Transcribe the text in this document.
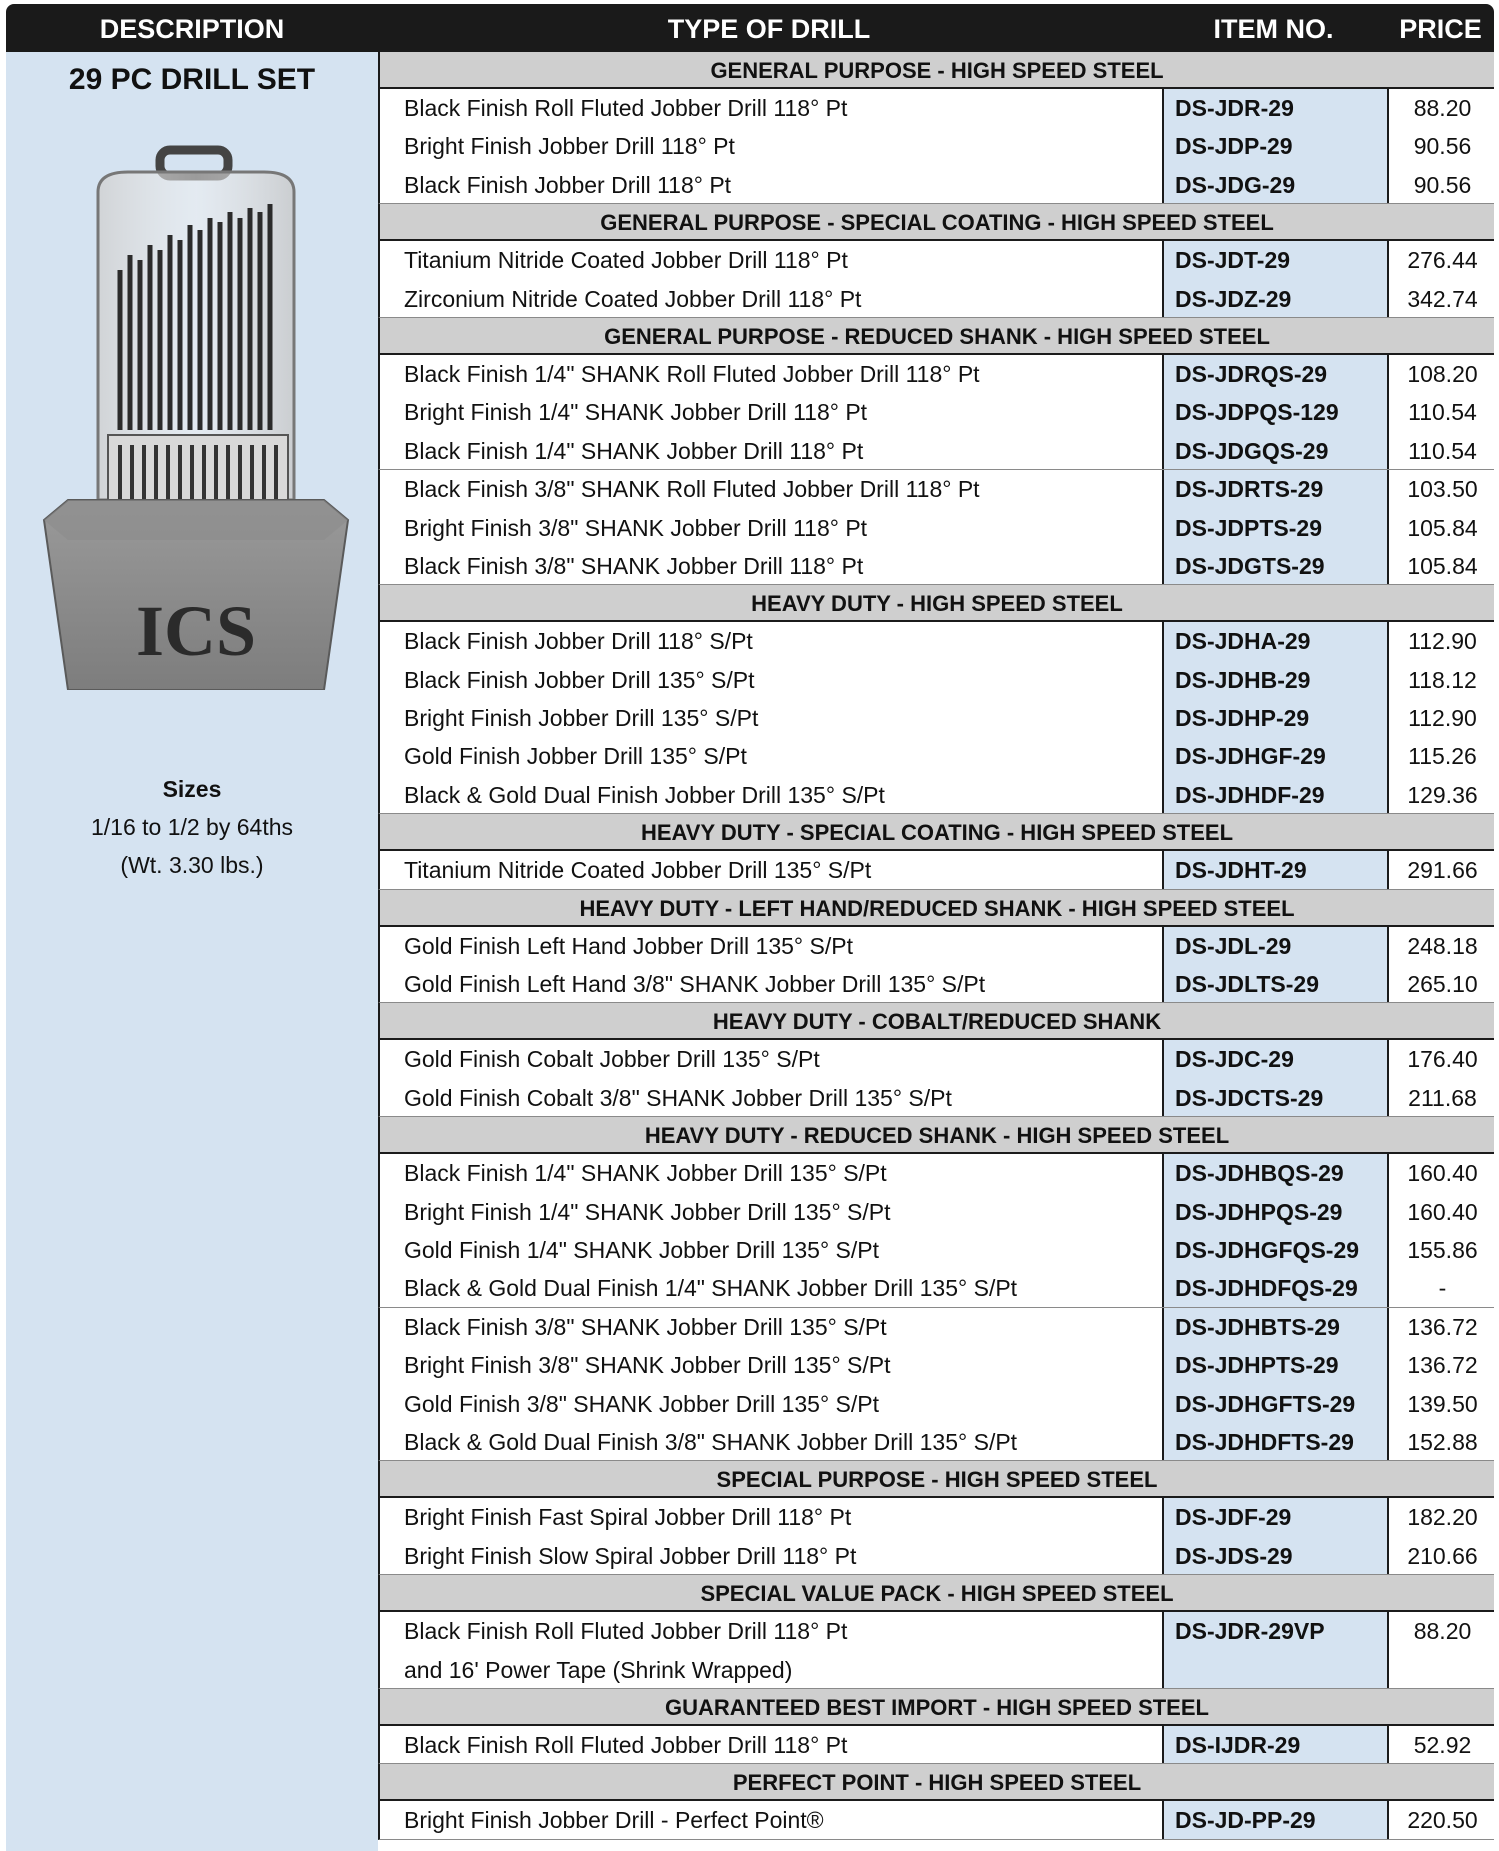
DESCRIPTION	TYPE OF DRILL	ITEM NO.	PRICE
29 PC DRILL SET
ICS
Sizes
1/16 to 1/2 by 64ths
(Wt. 3.30 lbs.)
GENERAL PURPOSE - HIGH SPEED STEEL
Black Finish Roll Fluted Jobber Drill 118° Pt	DS-JDR-29	88.20
Bright Finish Jobber Drill 118° Pt	DS-JDP-29	90.56
Black Finish Jobber Drill 118° Pt	DS-JDG-29	90.56
GENERAL PURPOSE - SPECIAL COATING - HIGH SPEED STEEL
Titanium Nitride Coated Jobber Drill 118° Pt	DS-JDT-29	276.44
Zirconium Nitride Coated Jobber Drill 118° Pt	DS-JDZ-29	342.74
GENERAL PURPOSE - REDUCED SHANK - HIGH SPEED STEEL
Black Finish 1/4" SHANK Roll Fluted Jobber Drill 118° Pt	DS-JDRQS-29	108.20
Bright Finish 1/4" SHANK Jobber Drill 118° Pt	DS-JDPQS-129	110.54
Black Finish 1/4" SHANK Jobber Drill 118° Pt	DS-JDGQS-29	110.54
Black Finish 3/8" SHANK Roll Fluted Jobber Drill 118° Pt	DS-JDRTS-29	103.50
Bright Finish 3/8" SHANK Jobber Drill 118° Pt	DS-JDPTS-29	105.84
Black Finish 3/8" SHANK Jobber Drill 118° Pt	DS-JDGTS-29	105.84
HEAVY DUTY - HIGH SPEED STEEL
Black Finish Jobber Drill 118° S/Pt	DS-JDHA-29	112.90
Black Finish Jobber Drill 135° S/Pt	DS-JDHB-29	118.12
Bright Finish Jobber Drill 135° S/Pt	DS-JDHP-29	112.90
Gold Finish Jobber Drill 135° S/Pt	DS-JDHGF-29	115.26
Black & Gold Dual Finish Jobber Drill 135° S/Pt	DS-JDHDF-29	129.36
HEAVY DUTY - SPECIAL COATING - HIGH SPEED STEEL
Titanium Nitride Coated Jobber Drill 135° S/Pt	DS-JDHT-29	291.66
HEAVY DUTY - LEFT HAND/REDUCED SHANK - HIGH SPEED STEEL
Gold Finish Left Hand Jobber Drill 135° S/Pt	DS-JDL-29	248.18
Gold Finish Left Hand 3/8" SHANK Jobber Drill 135° S/Pt	DS-JDLTS-29	265.10
HEAVY DUTY - COBALT/REDUCED SHANK
Gold Finish Cobalt Jobber Drill 135° S/Pt	DS-JDC-29	176.40
Gold Finish Cobalt 3/8" SHANK Jobber Drill 135° S/Pt	DS-JDCTS-29	211.68
HEAVY DUTY - REDUCED SHANK - HIGH SPEED STEEL
Black Finish 1/4" SHANK Jobber Drill 135° S/Pt	DS-JDHBQS-29	160.40
Bright Finish 1/4" SHANK Jobber Drill 135° S/Pt	DS-JDHPQS-29	160.40
Gold Finish 1/4" SHANK Jobber Drill 135° S/Pt	DS-JDHGFQS-29	155.86
Black & Gold Dual Finish 1/4" SHANK Jobber Drill 135° S/Pt	DS-JDHDFQS-29	-
Black Finish 3/8" SHANK Jobber Drill 135° S/Pt	DS-JDHBTS-29	136.72
Bright Finish 3/8" SHANK Jobber Drill 135° S/Pt	DS-JDHPTS-29	136.72
Gold Finish 3/8" SHANK Jobber Drill 135° S/Pt	DS-JDHGFTS-29	139.50
Black & Gold Dual Finish 3/8" SHANK Jobber Drill 135° S/Pt	DS-JDHDFTS-29	152.88
SPECIAL PURPOSE - HIGH SPEED STEEL
Bright Finish Fast Spiral Jobber Drill 118° Pt	DS-JDF-29	182.20
Bright Finish Slow Spiral Jobber Drill 118° Pt	DS-JDS-29	210.66
SPECIAL VALUE PACK - HIGH SPEED STEEL
Black Finish Roll Fluted Jobber Drill 118° Pt	DS-JDR-29VP	88.20
and 16' Power Tape (Shrink Wrapped)
GUARANTEED BEST IMPORT - HIGH SPEED STEEL
Black Finish Roll Fluted Jobber Drill 118° Pt	DS-IJDR-29	52.92
PERFECT POINT - HIGH SPEED STEEL
Bright Finish Jobber Drill - Perfect Point®	DS-JD-PP-29	220.50
